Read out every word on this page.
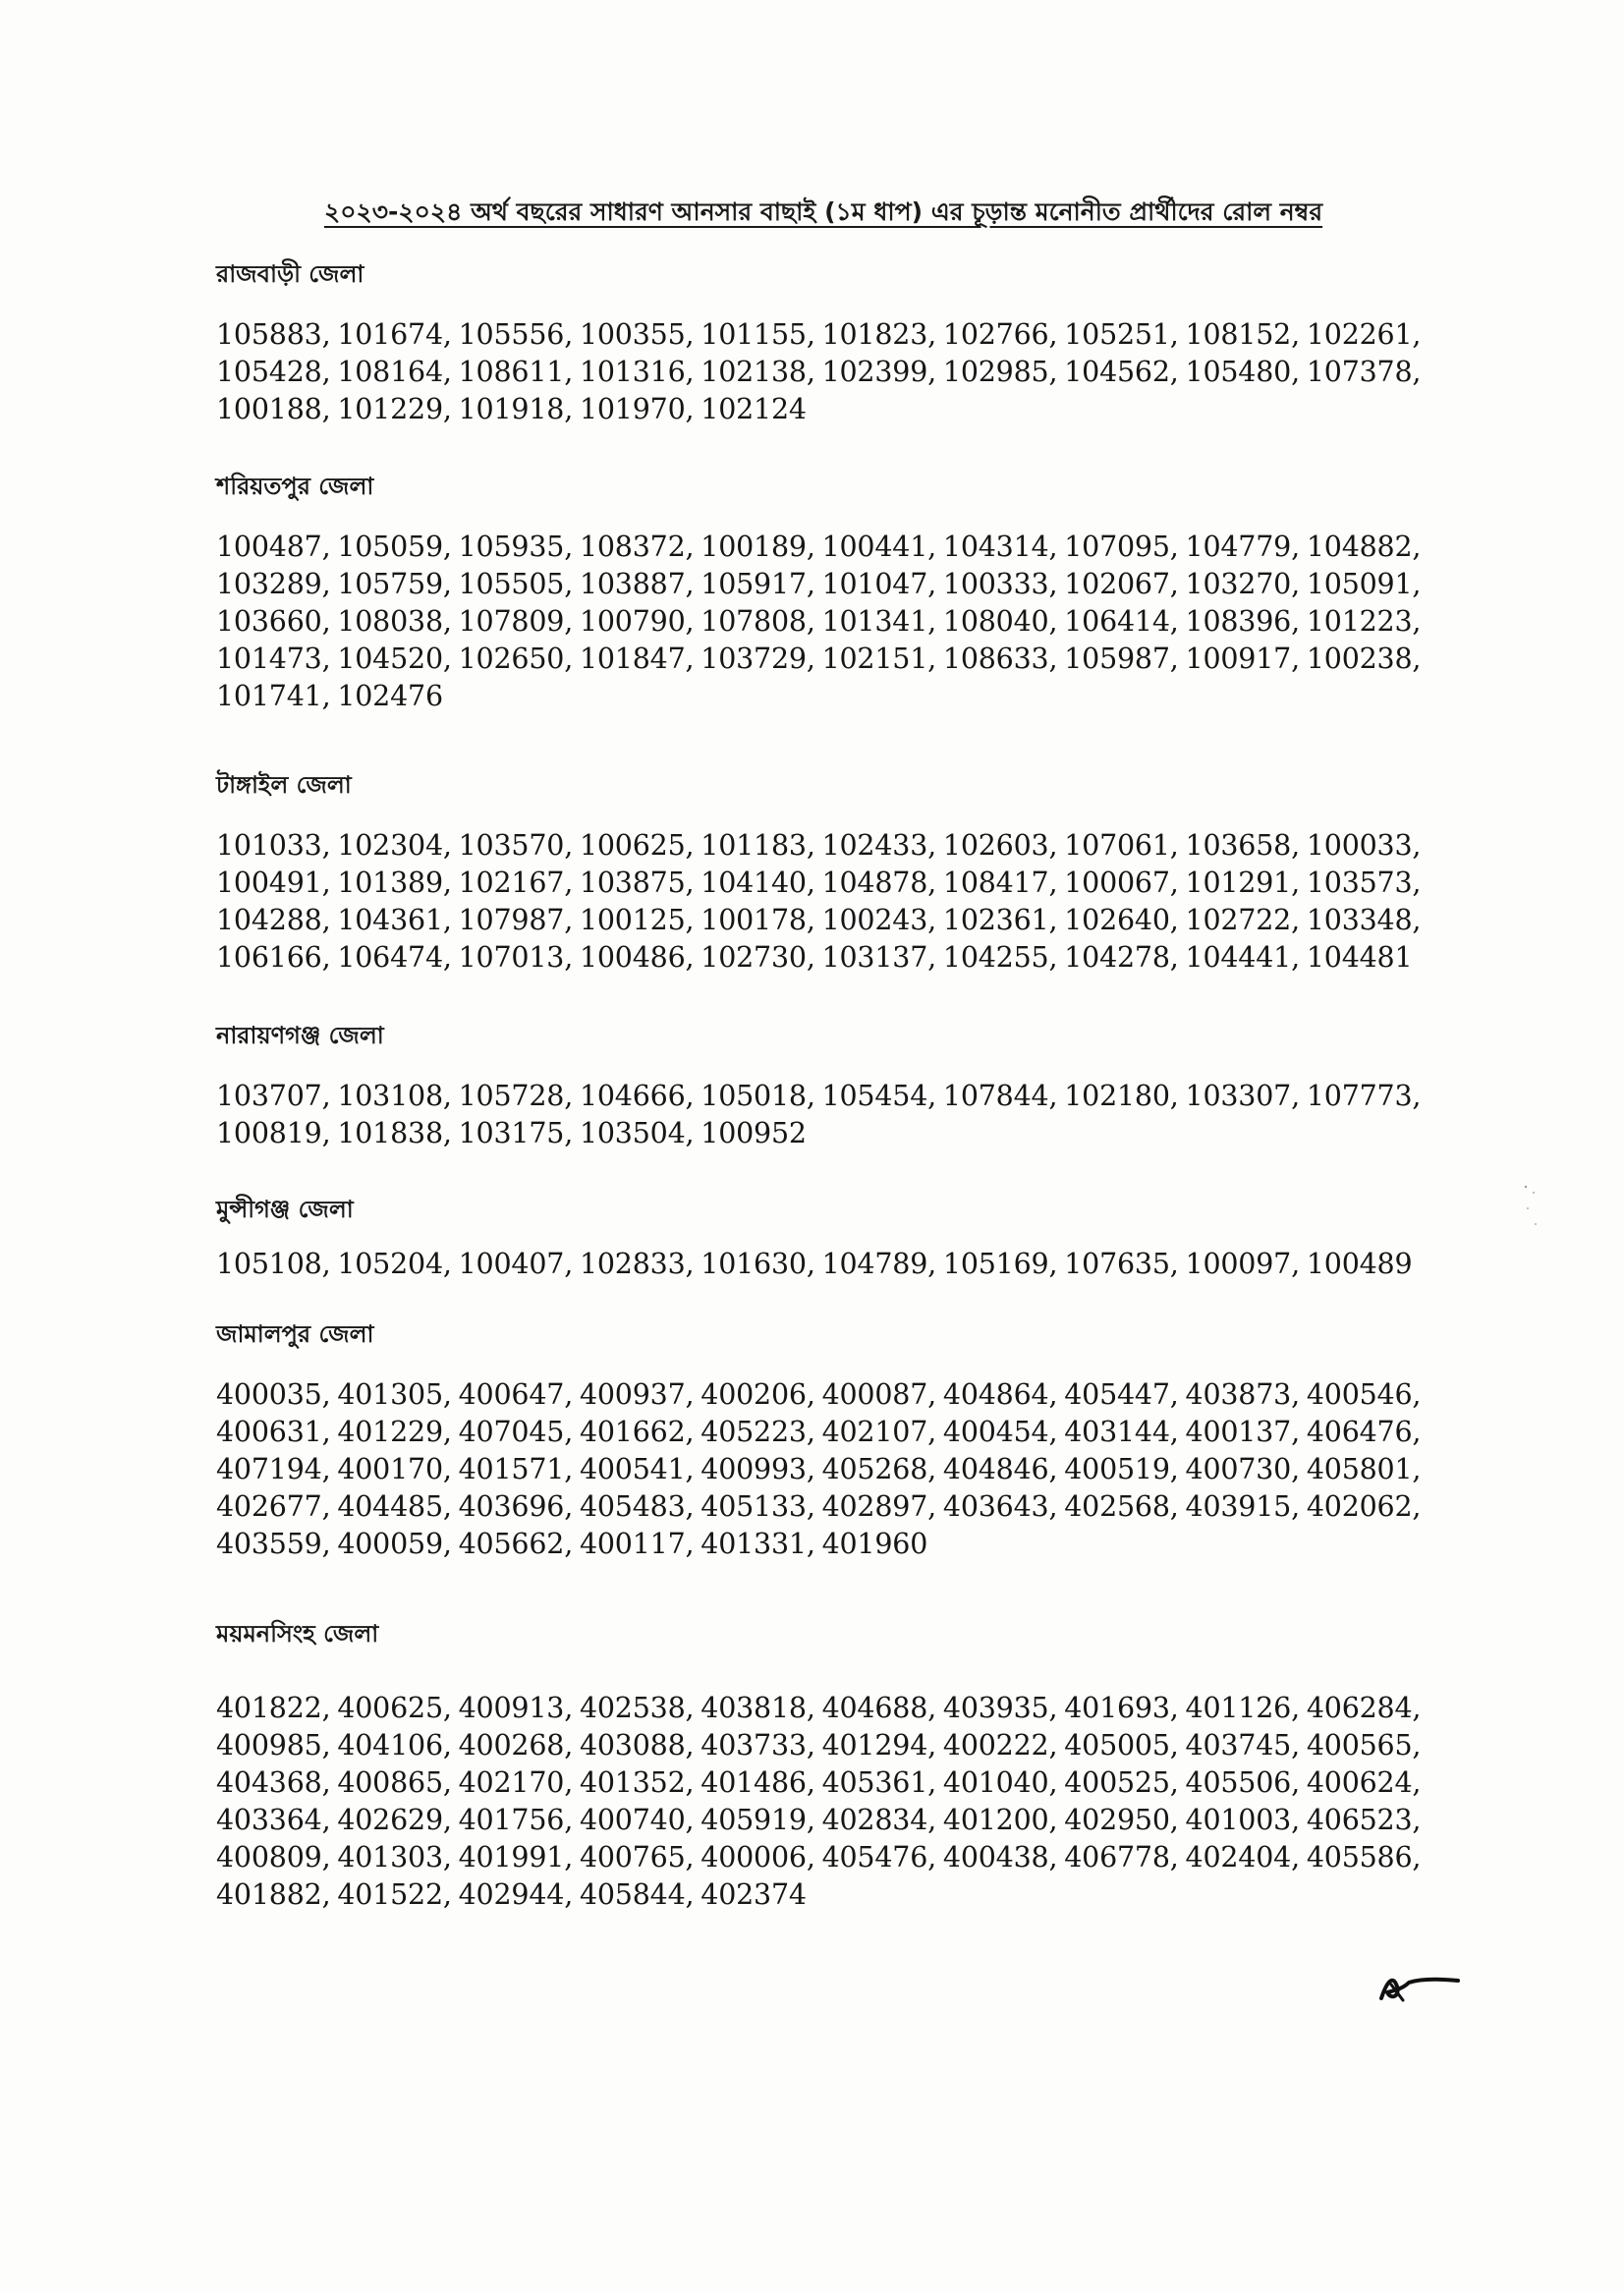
২০২৩-২০২৪ অর্থ বছরের সাধারণ আনসার বাছাই (১ম ধাপ) এর চূড়ান্ত মনোনীত প্রার্থীদের রোল নম্বর

রাজবাড়ী জেলা

105883, 101674, 105556, 100355, 101155, 101823, 102766, 105251, 108152, 102261, 105428, 108164, 108611, 101316, 102138, 102399, 102985, 104562, 105480, 107378, 100188, 101229, 101918, 101970, 102124

শরিয়তপুর জেলা

100487, 105059, 105935, 108372, 100189, 100441, 104314, 107095, 104779, 104882, 103289, 105759, 105505, 103887, 105917, 101047, 100333, 102067, 103270, 105091, 103660, 108038, 107809, 100790, 107808, 101341, 108040, 106414, 108396, 101223, 101473, 104520, 102650, 101847, 103729, 102151, 108633, 105987, 100917, 100238, 101741, 102476

টাঙ্গাইল জেলা

101033, 102304, 103570, 100625, 101183, 102433, 102603, 107061, 103658, 100033, 100491, 101389, 102167, 103875, 104140, 104878, 108417, 100067, 101291, 103573, 104288, 104361, 107987, 100125, 100178, 100243, 102361, 102640, 102722, 103348, 106166, 106474, 107013, 100486, 102730, 103137, 104255, 104278, 104441, 104481

নারায়ণগঞ্জ জেলা

103707, 103108, 105728, 104666, 105018, 105454, 107844, 102180, 103307, 107773, 100819, 101838, 103175, 103504, 100952

মুন্সীগঞ্জ জেলা

105108, 105204, 100407, 102833, 101630, 104789, 105169, 107635, 100097, 100489

জামালপুর জেলা

400035, 401305, 400647, 400937, 400206, 400087, 404864, 405447, 403873, 400546, 400631, 401229, 407045, 401662, 405223, 402107, 400454, 403144, 400137, 406476, 407194, 400170, 401571, 400541, 400993, 405268, 404846, 400519, 400730, 405801, 402677, 404485, 403696, 405483, 405133, 402897, 403643, 402568, 403915, 402062, 403559, 400059, 405662, 400117, 401331, 401960

ময়মনসিংহ জেলা

401822, 400625, 400913, 402538, 403818, 404688, 403935, 401693, 401126, 406284, 400985, 404106, 400268, 403088, 403733, 401294, 400222, 405005, 403745, 400565, 404368, 400865, 402170, 401352, 401486, 405361, 401040, 400525, 405506, 400624, 403364, 402629, 401756, 400740, 405919, 402834, 401200, 402950, 401003, 406523, 400809, 401303, 401991, 400765, 400006, 405476, 400438, 406778, 402404, 405586, 401882, 401522, 402944, 405844, 402374
